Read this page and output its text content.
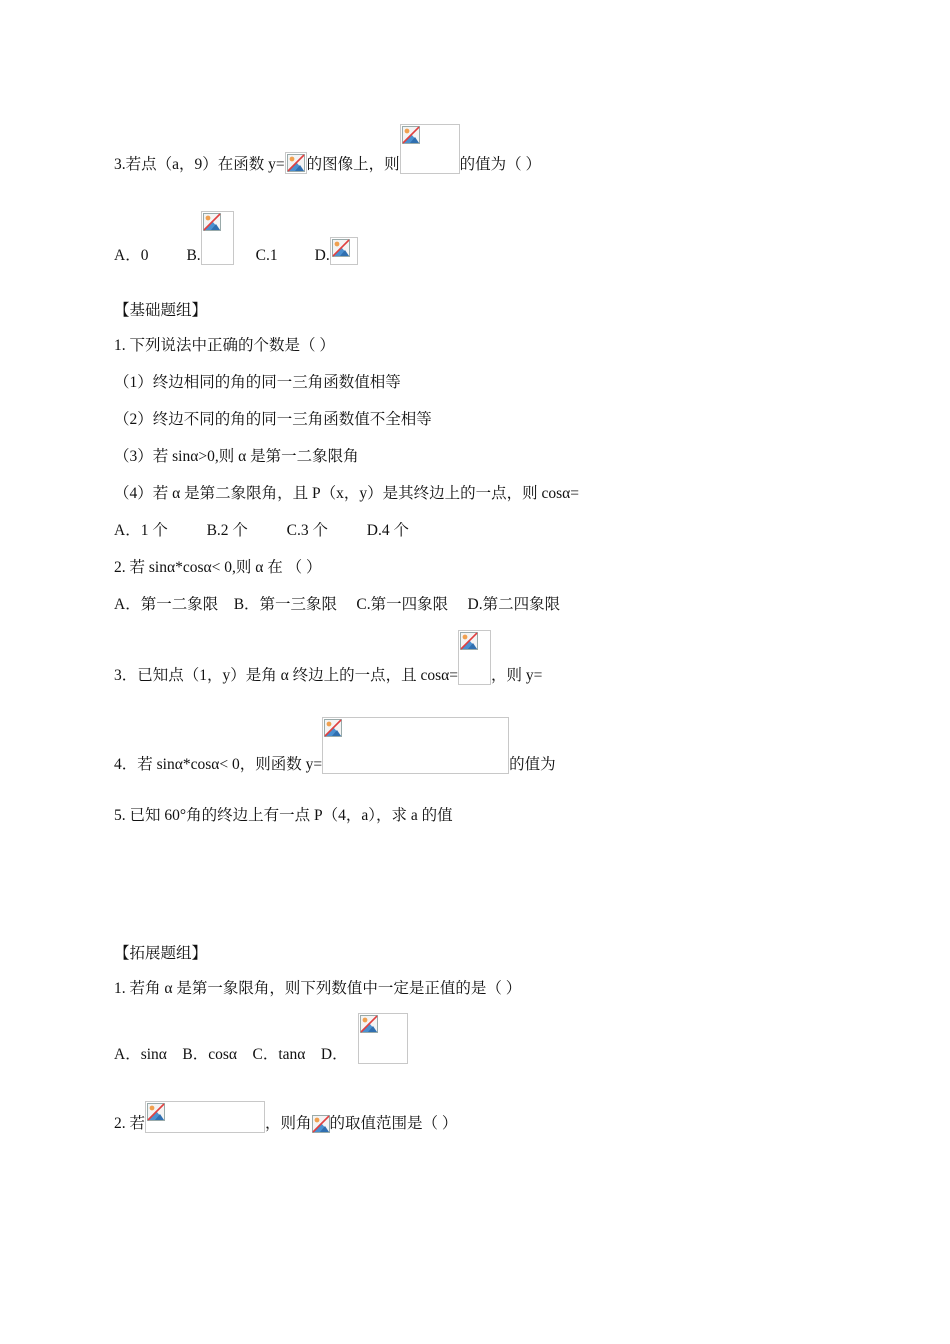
3.若点（a，9）在函数 y= 的图像上，则	的值为（ ）
A．0 B.	C.1 D.
【基础题组】
1. 下列说法中正确的个数是（ ）
（1）终边相同的角的同一三角函数值相等
（2）终边不同的角的同一三角函数值不全相等
（3）若 sinα>0,则 α 是第一二象限角
（4）若 α 是第二象限角，且 P（x，y）是其终边上的一点，则 cosα=
A．1 个          B.2 个          C.3 个          D.4 个
2. 若 sinα*cosα< 0,则 α 在 （ ）
A．第一二象限    B．第一三象限     C.第一四象限     D.第二四象限
3．已知点（1，y）是角 α 终边上的一点，且 cosα= ，则 y=
4．若 sinα*cosα< 0，则函数 y=	的值为
5. 已知 60°角的终边上有一点 P（4，a），求 a 的值
【拓展题组】
1. 若角 α 是第一象限角，则下列数值中一定是正值的是（ ）
A．sinα    B．cosα    C．tanα    D．
2. 若	，则角 的取值范围是（ ）
